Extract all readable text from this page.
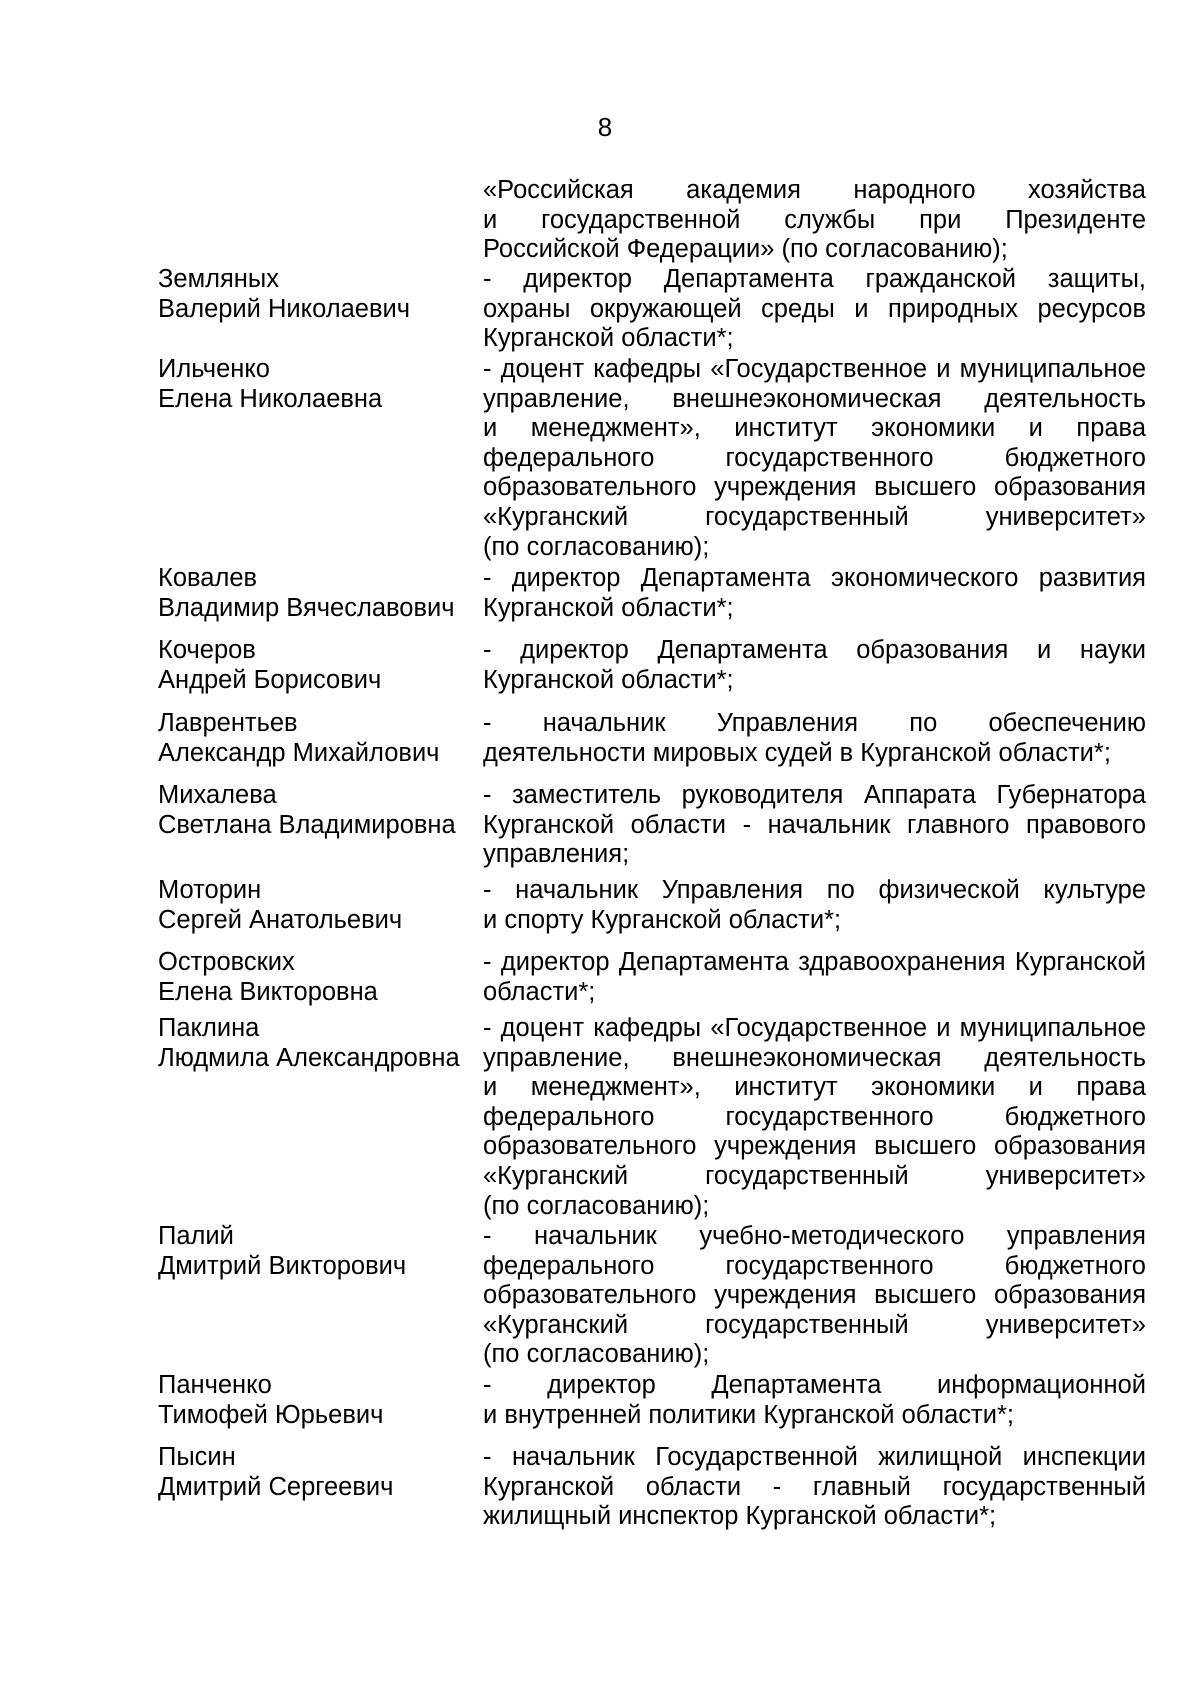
8
«Российская академия народного хозяйства
и государственной службы при Президенте
Российской Федерации» (по согласованию);
Земляных
Валерий Николаевич
- директор Департамента гражданской защиты,
охраны окружающей среды и природных ресурсов
Курганской области*;
Ильченко
Елена Николаевна
- доцент кафедры «Государственное и муниципальное
управление, внешнеэкономическая деятельность
и менеджмент», институт экономики и права
федерального государственного бюджетного
образовательного учреждения высшего образования
«Курганский государственный университет»
(по согласованию);
Ковалев
Владимир Вячеславович
- директор Департамента экономического развития
Курганской области*;
Кочеров
Андрей Борисович
- директор Департамента образования и науки
Курганской области*;
Лаврентьев
Александр Михайлович
- начальник Управления по обеспечению
деятельности мировых судей в Курганской области*;
Михалева
Светлана Владимировна
- заместитель руководителя Аппарата Губернатора
Курганской области - начальник главного правового
управления;
Моторин
Сергей Анатольевич
- начальник Управления по физической культуре
и спорту Курганской области*;
Островских
Елена Викторовна
- директор Департамента здравоохранения Курганской
области*;
Паклина
Людмила Александровна
- доцент кафедры «Государственное и муниципальное
управление, внешнеэкономическая деятельность
и менеджмент», институт экономики и права
федерального государственного бюджетного
образовательного учреждения высшего образования
«Курганский государственный университет»
(по согласованию);
Палий
Дмитрий Викторович
- начальник учебно-методического управления
федерального государственного бюджетного
образовательного учреждения высшего образования
«Курганский государственный университет»
(по согласованию);
Панченко
Тимофей Юрьевич
- директор Департамента информационной
и внутренней политики Курганской области*;
Пысин
Дмитрий Сергеевич
- начальник Государственной жилищной инспекции
Курганской области - главный государственный
жилищный инспектор Курганской области*;
